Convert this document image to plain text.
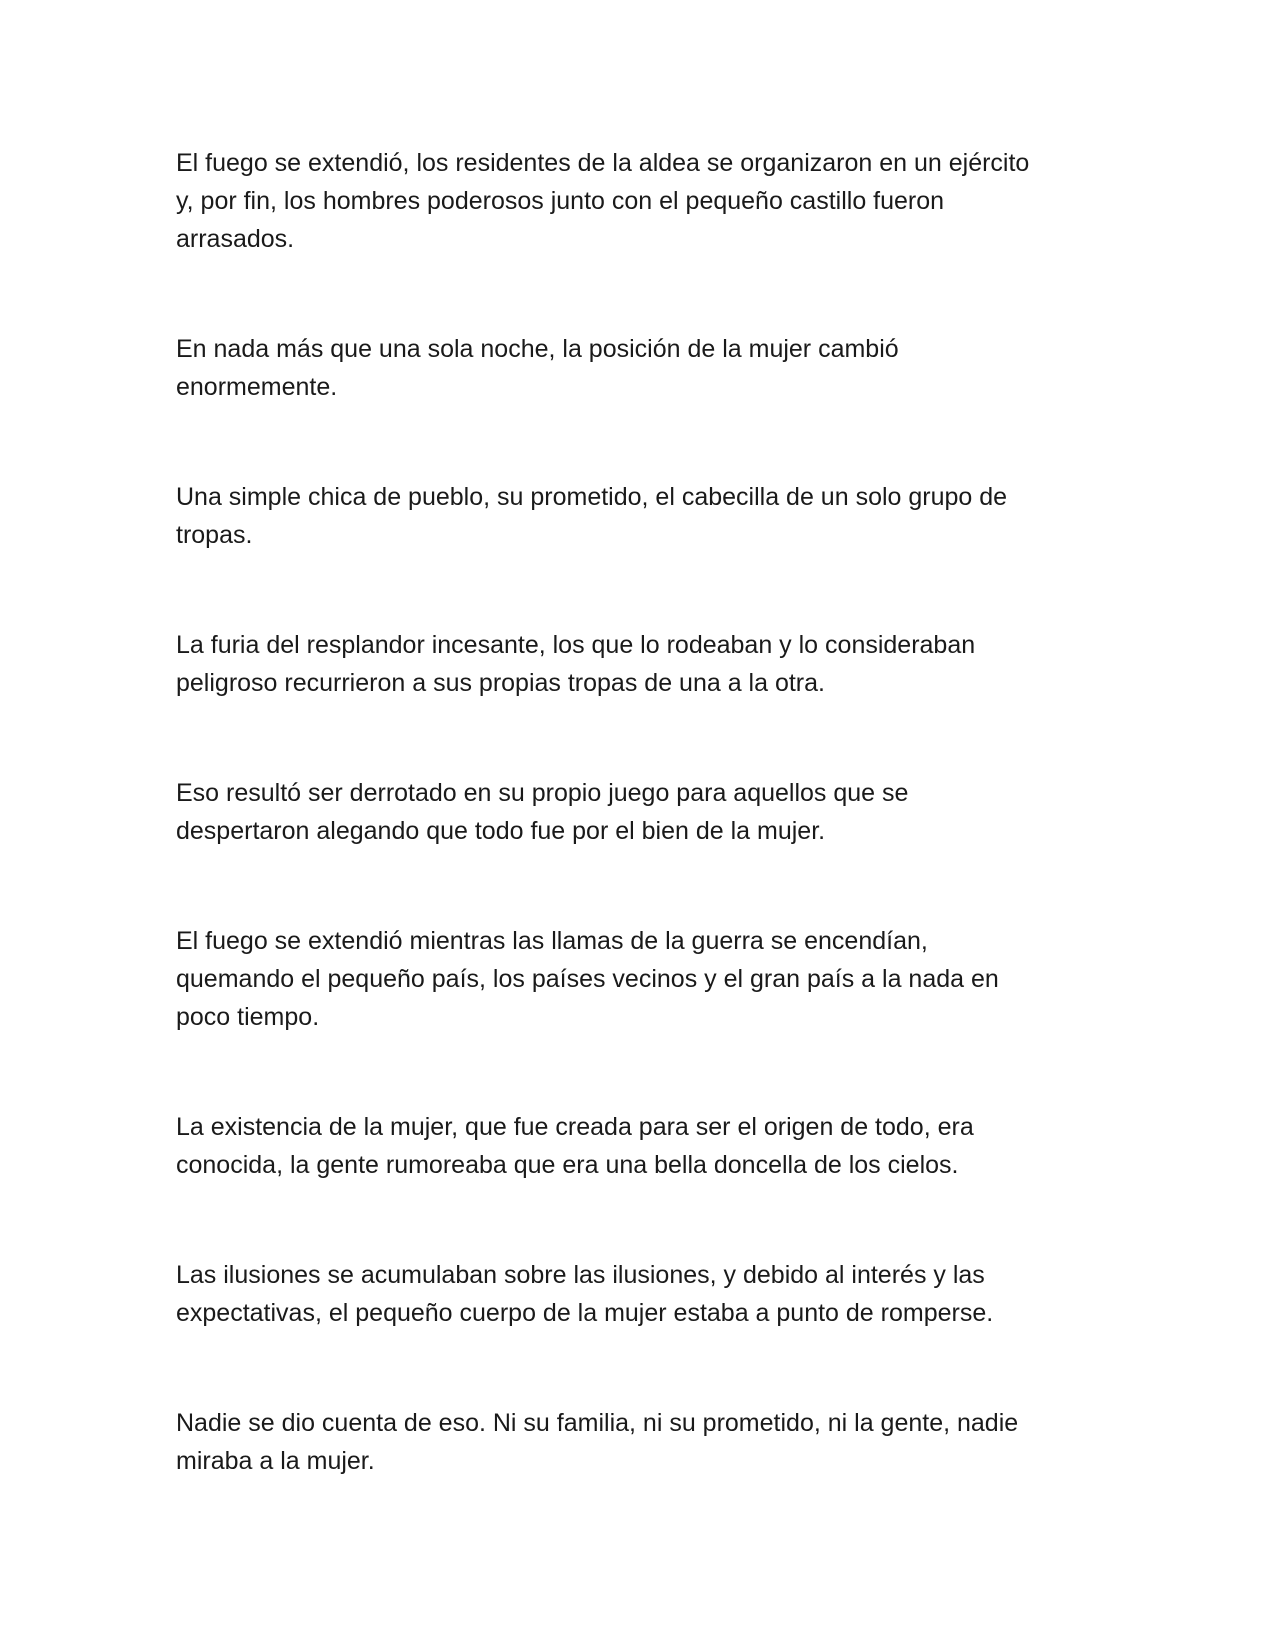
El fuego se extendió, los residentes de la aldea se organizaron en un ejército
y, por fin, los hombres poderosos junto con el pequeño castillo fueron
arrasados.

En nada más que una sola noche, la posición de la mujer cambió
enormemente.

Una simple chica de pueblo, su prometido, el cabecilla de un solo grupo de
tropas.

La furia del resplandor incesante, los que lo rodeaban y lo consideraban
peligroso recurrieron a sus propias tropas de una a la otra.

Eso resultó ser derrotado en su propio juego para aquellos que se
despertaron alegando que todo fue por el bien de la mujer.

El fuego se extendió mientras las llamas de la guerra se encendían,
quemando el pequeño país, los países vecinos y el gran país a la nada en
poco tiempo.

La existencia de la mujer, que fue creada para ser el origen de todo, era
conocida, la gente rumoreaba que era una bella doncella de los cielos.

Las ilusiones se acumulaban sobre las ilusiones, y debido al interés y las
expectativas, el pequeño cuerpo de la mujer estaba a punto de romperse.

Nadie se dio cuenta de eso. Ni su familia, ni su prometido, ni la gente, nadie
miraba a la mujer.
